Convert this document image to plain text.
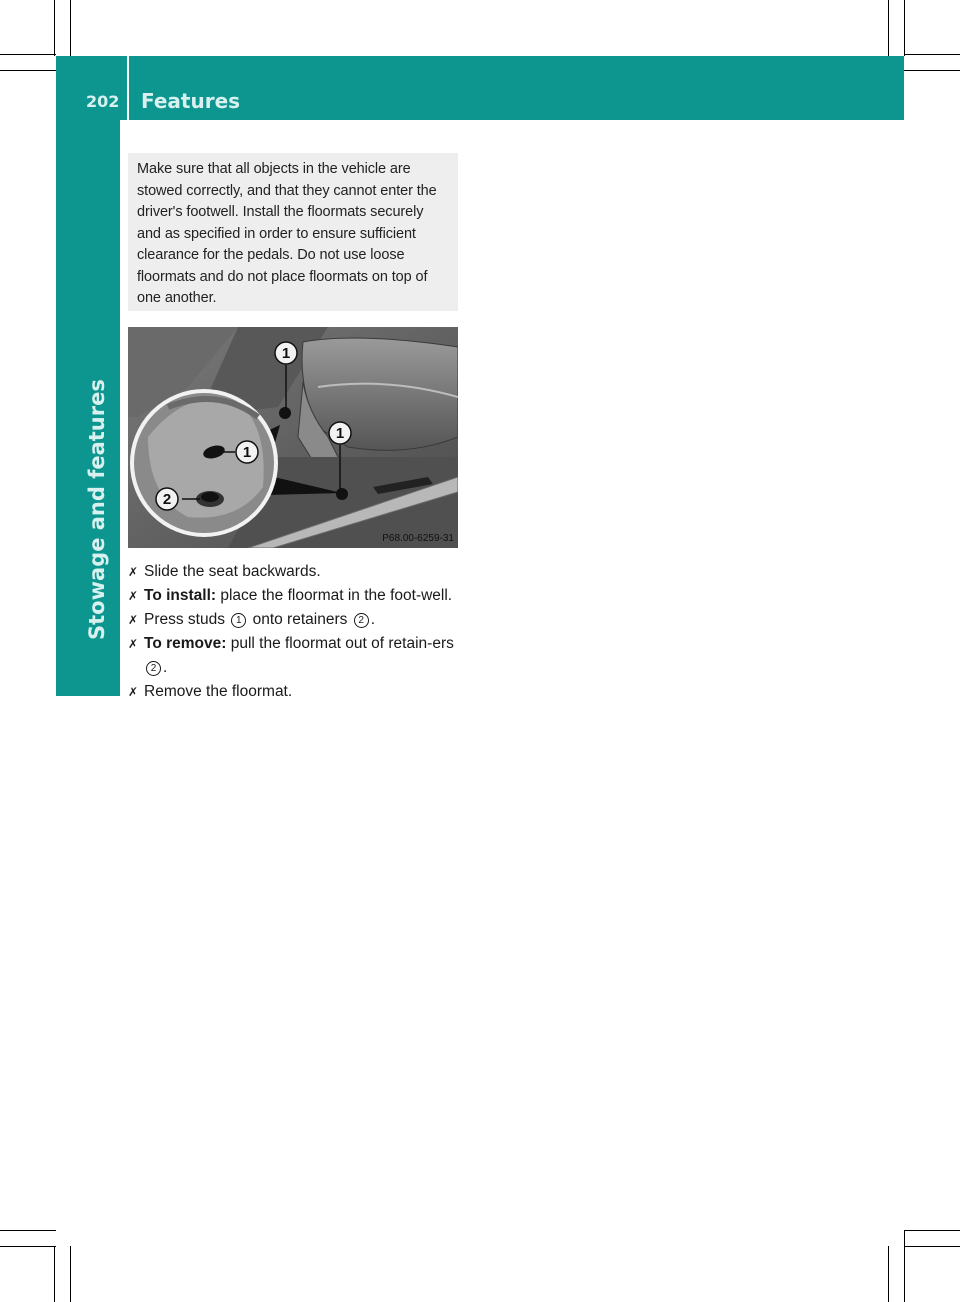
202 Features
Stowage and features

Make sure that all objects in the vehicle are stowed correctly, and that they cannot enter the driver's footwell. Install the floormats securely and as specified in order to ensure sufficient clearance for the pedals. Do not use loose floormats and do not place floormats on top of one another.

1
1
1
2
P68.00-6259-31
✗ Slide the seat backwards.
✗ To install: place the floormat in the foot-well.
✗ Press studs 1 onto retainers 2 .
✗ To remove: pull the floormat out of retain-ers 2 .
✗ Remove the floormat.
